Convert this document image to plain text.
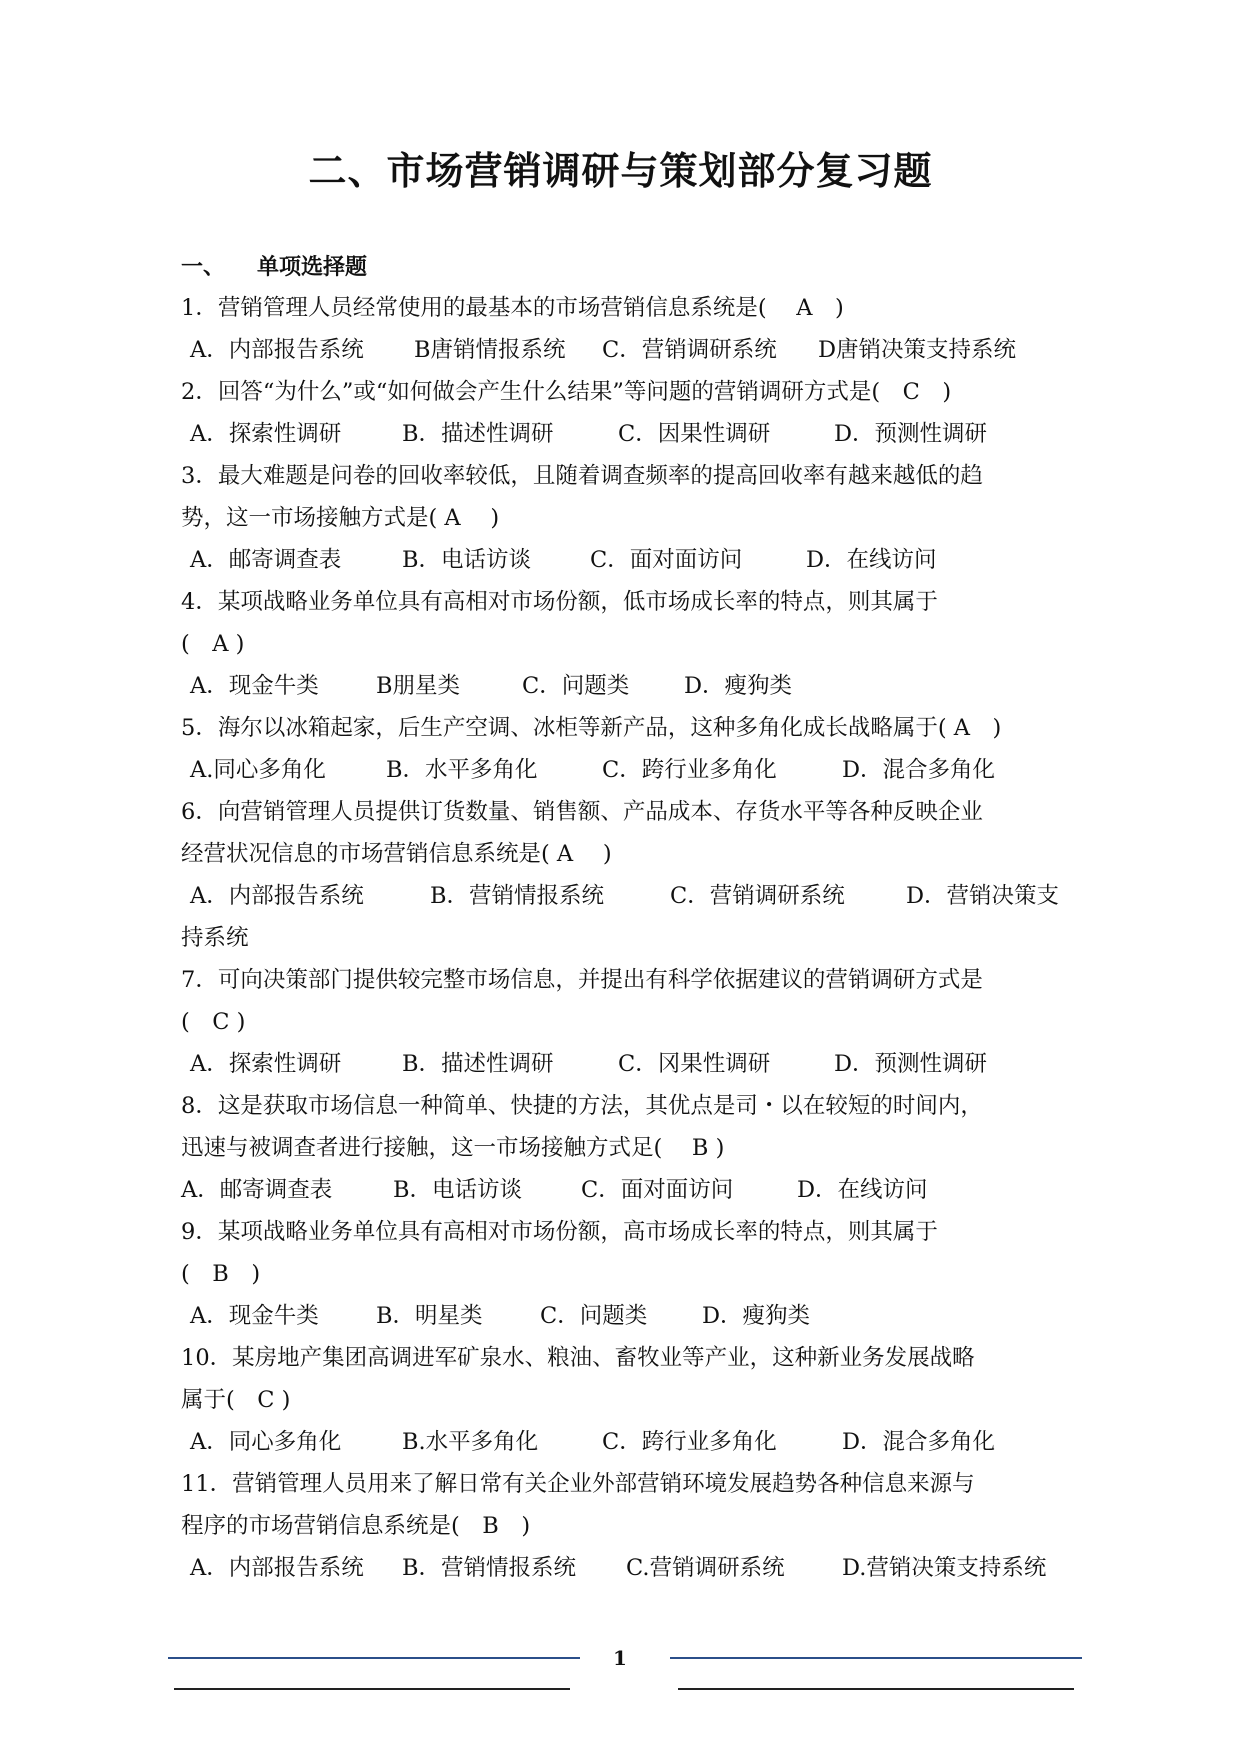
二、市场营销调研与策划部分复习题
一、 单项选择题
1．营销管理人员经常使用的最基本的市场营销信息系统是(　 A　)
A．内部报告系统 B唐销情报系统 C．营销调研系统 D唐销决策支持系统
2．回答“为什么”或“如何做会产生什么结果”等问题的营销调研方式是(　C　)
A．探索性调研	B．描述性调研	C．因果性调研	D．预测性调研
3．最大难题是问卷的回收率较低，且随着调查频率的提高回收率有越来越低的趋
势，这一市场接触方式是( A　 )
A．邮寄调查表	B．电话访谈	C．面对面访问	D．在线访问
4．某项战略业务单位具有高相对市场份额，低市场成长率的特点，则其属于
(　A )
A．现金牛类	B朋星类	C．问题类 D．瘦狗类
5．海尔以冰箱起家，后生产空调、冰柜等新产品，这种多角化成长战略属于( A　)
A.同心多角化	B．水平多角化	C．跨行业多角化	D．混合多角化
6．向营销管理人员提供订货数量、销售额、产品成本、存货水平等各种反映企业
经营状况信息的市场营销信息系统是( A　 )
A．内部报告系统	B．营销情报系统	C．营销调研系统	D．营销决策支
持系统
7．可向决策部门提供较完整市场信息，并提出有科学依据建议的营销调研方式是
(　C )
A．探索性调研	B．描述性调研	C．冈果性调研	D．预测性调研
8．这是获取市场信息一种简单、快捷的方法，其优点是司・以在较短的时间内，
迅速与被调查者进行接触，这一市场接触方式足(　 B )
A．邮寄调查表	B．电话访谈	C．面对面访问	D．在线访问
9．某项战略业务单位具有高相对市场份额，高市场成长率的特点，则其属于
(　B　)
A．现金牛类	B．明星类	C．问题类 D．瘦狗类
10．某房地产集团高调进军矿泉水、粮油、畜牧业等产业，这种新业务发展战略
属于(　C )
A．同心多角化	B.水平多角化	C．跨行业多角化	D．混合多角化
11．营销管理人员用来了解日常有关企业外部营销环境发展趋势各种信息来源与
程序的市场营销信息系统是(　B　)
A．内部报告系统 B．营销情报系统 C.营销调研系统	D.营销决策支持系统
1
